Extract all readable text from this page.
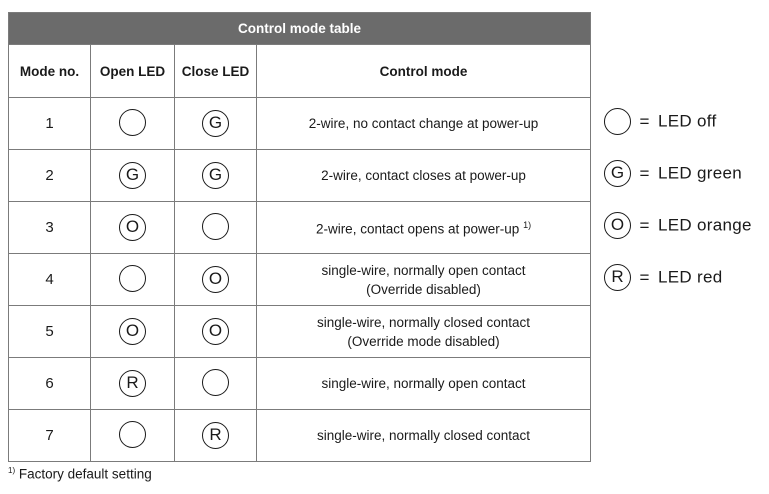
Control mode table			
Mode no.	Open LED	Close LED	Control mode
1		G	2-wire, no contact change at power-up
2	G	G	2-wire, contact closes at power-up
3	O		2-wire, contact opens at power-up $^{1)}$
4		O	single-wire, normally open contact
(Override disabled)
5	O	O	single-wire, normally closed contact
(Override mode disabled)
6	R		single-wire, normally open contact
7		R	single-wire, normally closed contact
= LED off
G = LED green
O = LED orange
R = LED red
$^{1)}$ Factory default setting
